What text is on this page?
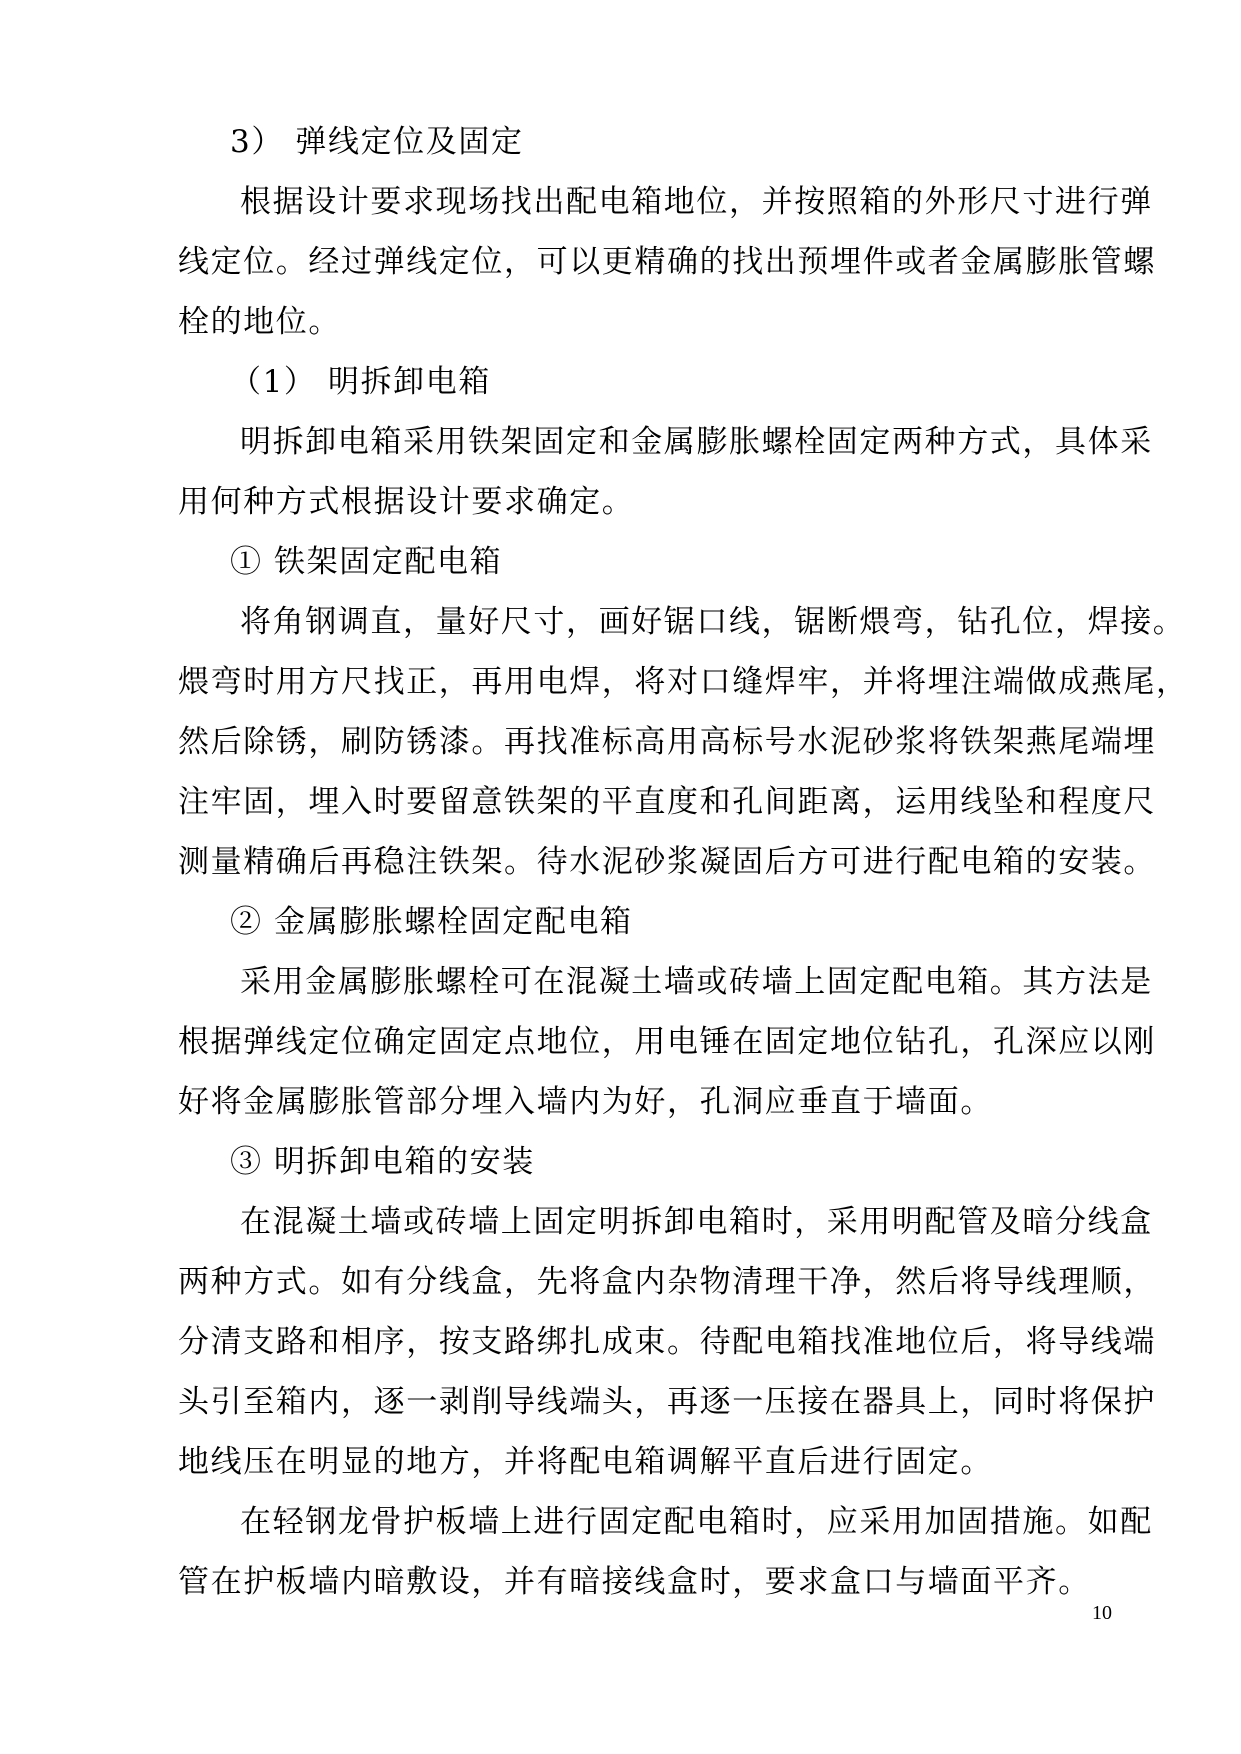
3） 弹线定位及固定
根据设计要求现场找出配电箱地位，并按照箱的外形尺寸进行弹
线定位。经过弹线定位，可以更精确的找出预埋件或者金属膨胀管螺
栓的地位。
（1） 明拆卸电箱
明拆卸电箱采用铁架固定和金属膨胀螺栓固定两种方式，具体采
用何种方式根据设计要求确定。
① 铁架固定配电箱
将角钢调直，量好尺寸，画好锯口线，锯断煨弯，钻孔位，焊接。
煨弯时用方尺找正，再用电焊，将对口缝焊牢，并将埋注端做成燕尾，
然后除锈，刷防锈漆。再找准标高用高标号水泥砂浆将铁架燕尾端埋
注牢固，埋入时要留意铁架的平直度和孔间距离，运用线坠和程度尺
测量精确后再稳注铁架。待水泥砂浆凝固后方可进行配电箱的安装。
② 金属膨胀螺栓固定配电箱
采用金属膨胀螺栓可在混凝土墙或砖墙上固定配电箱。其方法是
根据弹线定位确定固定点地位，用电锤在固定地位钻孔，孔深应以刚
好将金属膨胀管部分埋入墙内为好，孔洞应垂直于墙面。
③ 明拆卸电箱的安装
在混凝土墙或砖墙上固定明拆卸电箱时，采用明配管及暗分线盒
两种方式。如有分线盒，先将盒内杂物清理干净，然后将导线理顺，
分清支路和相序，按支路绑扎成束。待配电箱找准地位后，将导线端
头引至箱内，逐一剥削导线端头，再逐一压接在器具上，同时将保护
地线压在明显的地方，并将配电箱调解平直后进行固定。
在轻钢龙骨护板墙上进行固定配电箱时，应采用加固措施。如配
管在护板墙内暗敷设，并有暗接线盒时，要求盒口与墙面平齐。
10
